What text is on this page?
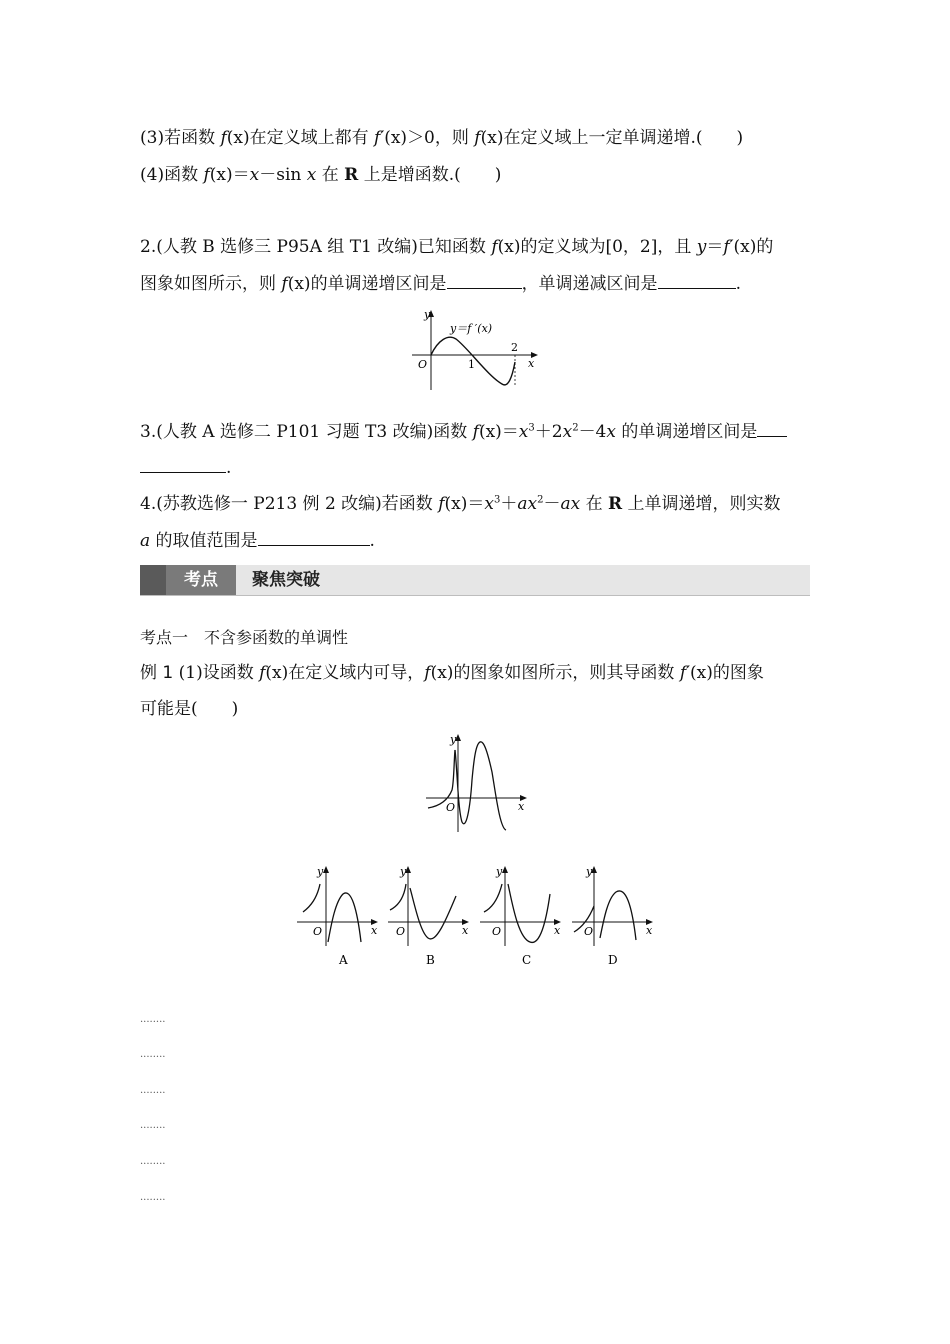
(3)若函数 f(x)在定义域上都有 f′(x)＞0，则 f(x)在定义域上一定单调递增.(　　)
(4)函数 f(x)＝x－sin x 在 R 上是增函数.(　　)
2.(人教 B 选修三 P95A 组 T1 改编)已知函数 f(x)的定义域为[0，2]，且 y＝f′(x)的
图象如图所示，则 f(x)的单调递增区间是	，单调递减区间是	.
y
x
O	1
2
y＝f ′(x)
3.(人教 A 选修二 P101 习题 T3 改编)函数 $f(x)=x^3+2x^2-4x$ 的单调递增区间是
.
4.(苏教选修一 P213 例 2 改编)若函数 $f(x)=x^3+ax^2-ax$ 在 R 上单调递增，则实数
a 的取值范围是	.
考点	聚焦突破
考点一　不含参函数的单调性
例 1 (1)设函数 f(x)在定义域内可导，f(x)的图象如图所示，则其导函数 f′(x)的图象
可能是(　　)
y
x
O
y
x
O
A
y
x
O
B
y
x
O
C
y
x
O
D
........
........
........
........
........
........
